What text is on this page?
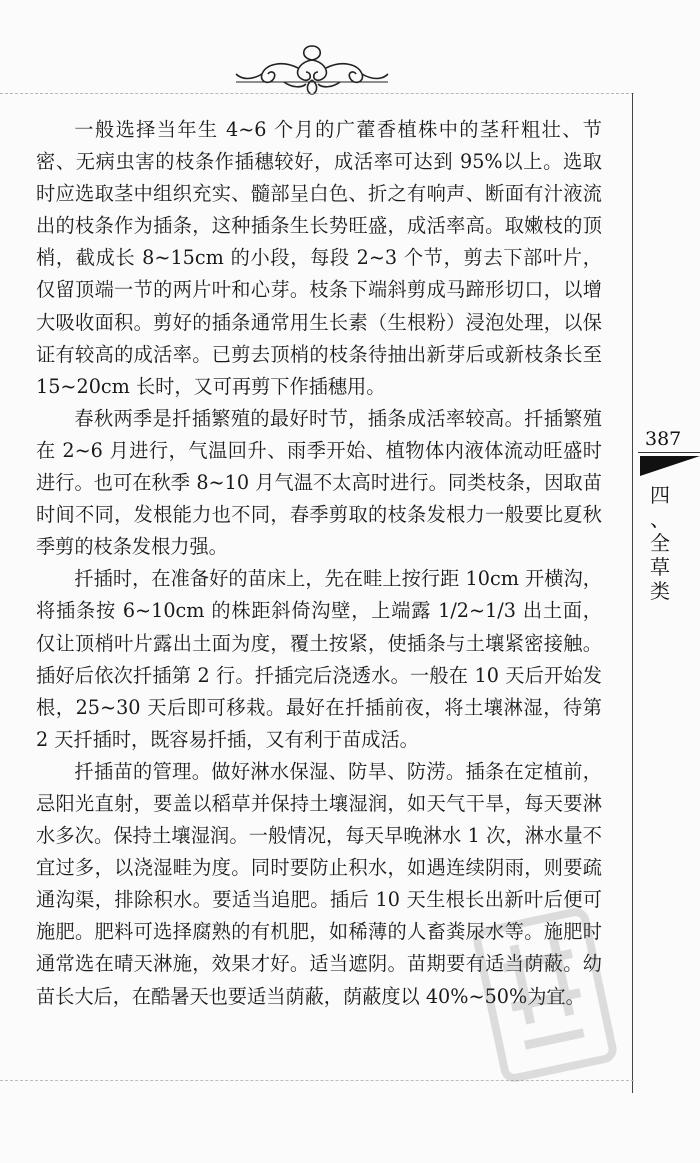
一般选择当年生 4~6 个月的广藿香植株中的茎秆粗壮、节密、无病虫害的枝条作插穗较好，成活率可达到 95%以上。选取时应选取茎中组织充实、髓部呈白色、折之有响声、断面有汁液流出的枝条作为插条，这种插条生长势旺盛，成活率高。取嫩枝的顶梢，截成长 8~15cm 的小段，每段 2~3 个节，剪去下部叶片，仅留顶端一节的两片叶和心芽。枝条下端斜剪成马蹄形切口，以增大吸收面积。剪好的插条通常用生长素（生根粉）浸泡处理，以保证有较高的成活率。已剪去顶梢的枝条待抽出新芽后或新枝条长至 15~20cm 长时，又可再剪下作插穗用。

春秋两季是扦插繁殖的最好时节，插条成活率较高。扦插繁殖在 2~6 月进行，气温回升、雨季开始、植物体内液体流动旺盛时进行。也可在秋季 8~10 月气温不太高时进行。同类枝条，因取苗时间不同，发根能力也不同，春季剪取的枝条发根力一般要比夏秋季剪的枝条发根力强。

扦插时，在准备好的苗床上，先在畦上按行距 10cm 开横沟，将插条按 6~10cm 的株距斜倚沟壁，上端露 1/2~1/3 出土面，仅让顶梢叶片露出土面为度，覆土按紧，使插条与土壤紧密接触。插好后依次扦插第 2 行。扦插完后浇透水。一般在 10 天后开始发根，25~30 天后即可移栽。最好在扦插前夜，将土壤淋湿，待第 2 天扦插时，既容易扦插，又有利于苗成活。

扦插苗的管理。做好淋水保湿、防旱、防涝。插条在定植前，忌阳光直射，要盖以稻草并保持土壤湿润，如天气干旱，每天要淋水多次。保持土壤湿润。一般情况，每天早晚淋水 1 次，淋水量不宜过多，以浇湿畦为度。同时要防止积水，如遇连续阴雨，则要疏通沟渠，排除积水。要适当追肥。插后 10 天生根长出新叶后便可施肥。肥料可选择腐熟的有机肥，如稀薄的人畜粪尿水等。施肥时通常选在晴天淋施，效果才好。适当遮阴。苗期要有适当荫蔽。幼苗长大后，在酷暑天也要适当荫蔽，荫蔽度以 40%~50%为宜。

387
四
、
全
草
类
